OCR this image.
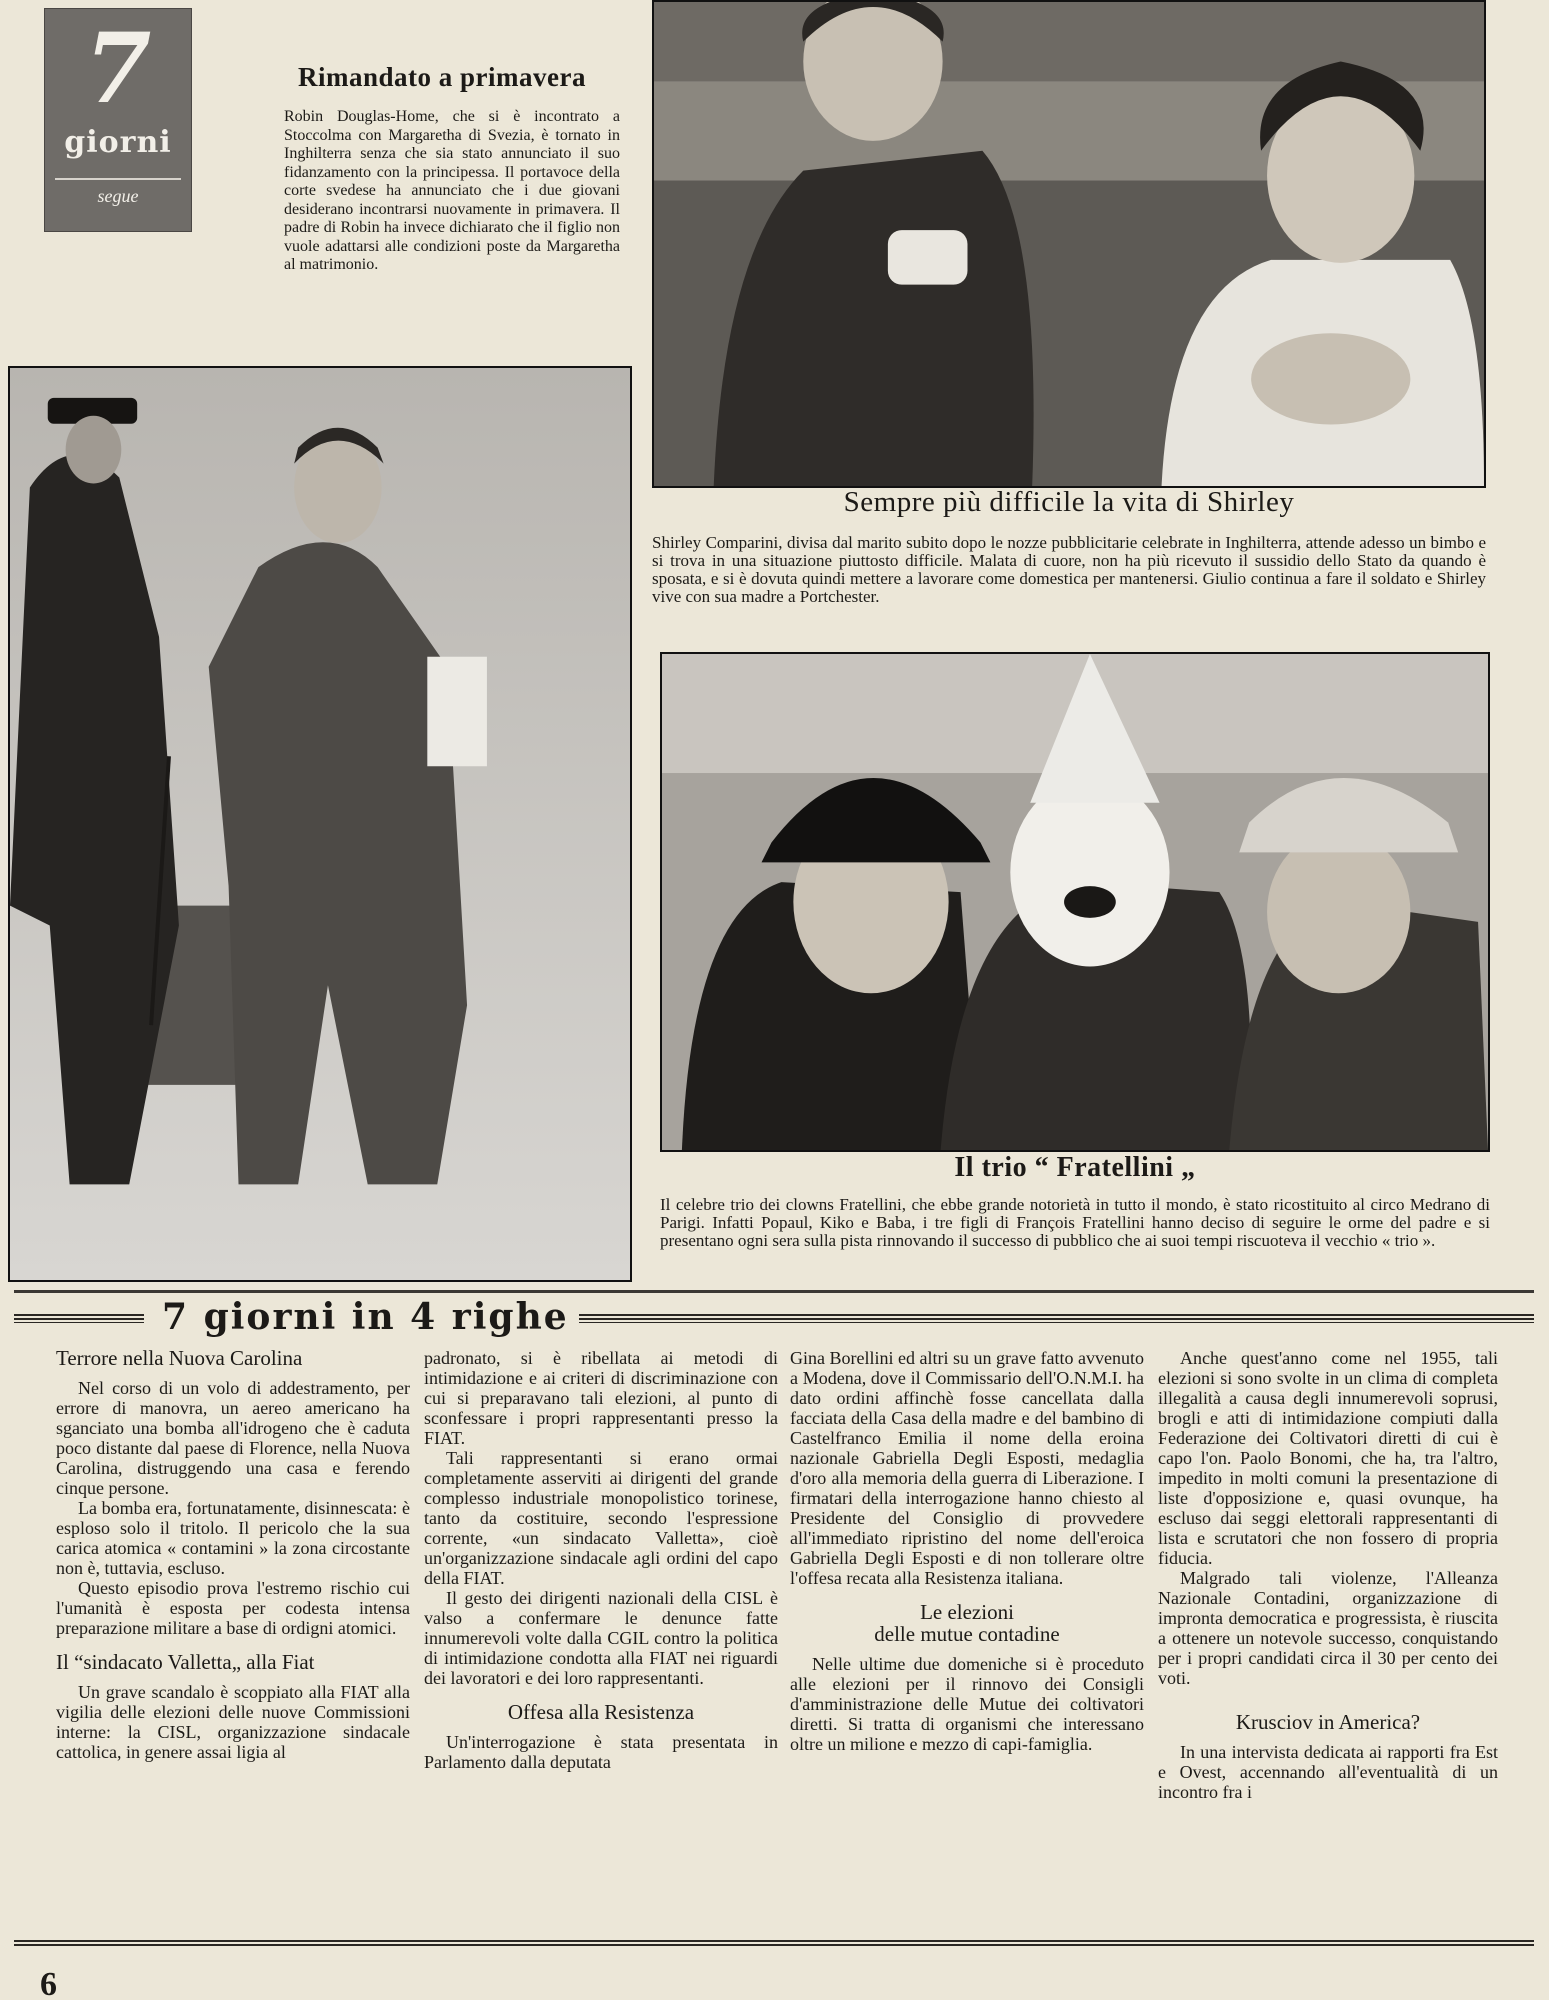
7
giorni
segue
Rimandato a primavera
Robin Douglas-Home, che si è incontrato a Stoccolma con Margaretha di Svezia, è tornato in Inghilterra senza che sia stato annunciato il suo fidanzamento con la principessa. Il portavoce della corte svedese ha annunciato che i due giovani desiderano incontrarsi nuovamente in primavera. Il padre di Robin ha invece dichiarato che il figlio non vuole adattarsi alle condizioni poste da Margaretha al matrimonio.
Sempre più difficile la vita di Shirley
Shirley Comparini, divisa dal marito subito dopo le nozze pubblicitarie celebrate in Inghilterra, attende adesso un bimbo e si trova in una situazione piuttosto difficile. Malata di cuore, non ha più ricevuto il sussidio dello Stato da quando è sposata, e si è dovuta quindi mettere a lavorare come domestica per mantenersi. Giulio continua a fare il soldato e Shirley vive con sua madre a Portchester.
Il trio “ Fratellini „
Il celebre trio dei clowns Fratellini, che ebbe grande notorietà in tutto il mondo, è stato ricostituito al circo Medrano di Parigi. Infatti Popaul, Kiko e Baba, i tre figli di François Fratellini hanno deciso di seguire le orme del padre e si presentano ogni sera sulla pista rinnovando il successo di pubblico che ai suoi tempi riscuoteva il vecchio « trio ».
7 giorni in 4 righe
Terrore nella Nuova Carolina

Nel corso di un volo di addestramento, per errore di manovra, un aereo americano ha sganciato una bomba all'idrogeno che è caduta poco distante dal paese di Florence, nella Nuova Carolina, distruggendo una casa e ferendo cinque persone.

La bomba era, fortunatamente, disinnescata: è esploso solo il tritolo. Il pericolo che la sua carica atomica « contamini » la zona circostante non è, tuttavia, escluso.

Questo episodio prova l'estremo rischio cui l'umanità è esposta per codesta intensa preparazione militare a base di ordigni atomici.

Il “sindacato Valletta„ alla Fiat

Un grave scandalo è scoppiato alla FIAT alla vigilia delle elezioni delle nuove Commissioni interne: la CISL, organizzazione sindacale cattolica, in genere assai ligia al

padronato, si è ribellata ai metodi di intimidazione e ai criteri di discriminazione con cui si preparavano tali elezioni, al punto di sconfessare i propri rappresentanti presso la FIAT.

Tali rappresentanti si erano ormai completamente asserviti ai dirigenti del grande complesso industriale monopolistico torinese, tanto da costituire, secondo l'espressione corrente, «un sindacato Valletta», cioè un'organizzazione sindacale agli ordini del capo della FIAT.

Il gesto dei dirigenti nazionali della CISL è valso a confermare le denunce fatte innumerevoli volte dalla CGIL contro la politica di intimidazione condotta alla FIAT nei riguardi dei lavoratori e dei loro rappresentanti.

Offesa alla Resistenza

Un'interrogazione è stata presentata in Parlamento dalla deputata

Gina Borellini ed altri su un grave fatto avvenuto a Modena, dove il Commissario dell'O.N.M.I. ha dato ordini affinchè fosse cancellata dalla facciata della Casa della madre e del bambino di Castelfranco Emilia il nome della eroina nazionale Gabriella Degli Esposti, medaglia d'oro alla memoria della guerra di Liberazione. I firmatari della interrogazione hanno chiesto al Presidente del Consiglio di provvedere all'immediato ripristino del nome dell'eroica Gabriella Degli Esposti e di non tollerare oltre l'offesa recata alla Resistenza italiana.

Le elezioni
delle mutue contadine

Nelle ultime due domeniche si è proceduto alle elezioni per il rinnovo dei Consigli d'amministrazione delle Mutue dei coltivatori diretti. Si tratta di organismi che interessano oltre un milione e mezzo di capi-famiglia.

Anche quest'anno come nel 1955, tali elezioni si sono svolte in un clima di completa illegalità a causa degli innumerevoli soprusi, brogli e atti di intimidazione compiuti dalla Federazione dei Coltivatori diretti di cui è capo l'on. Paolo Bonomi, che ha, tra l'altro, impedito in molti comuni la presentazione di liste d'opposizione e, quasi ovunque, ha escluso dai seggi elettorali rappresentanti di lista e scrutatori che non fossero di propria fiducia.

Malgrado tali violenze, l'Alleanza Nazionale Contadini, organizzazione di impronta democratica e progressista, è riuscita a ottenere un notevole successo, conquistando per i propri candidati circa il 30 per cento dei voti.

Krusciov in America?

In una intervista dedicata ai rapporti fra Est e Ovest, accennando all'eventualità di un incontro fra i

6
